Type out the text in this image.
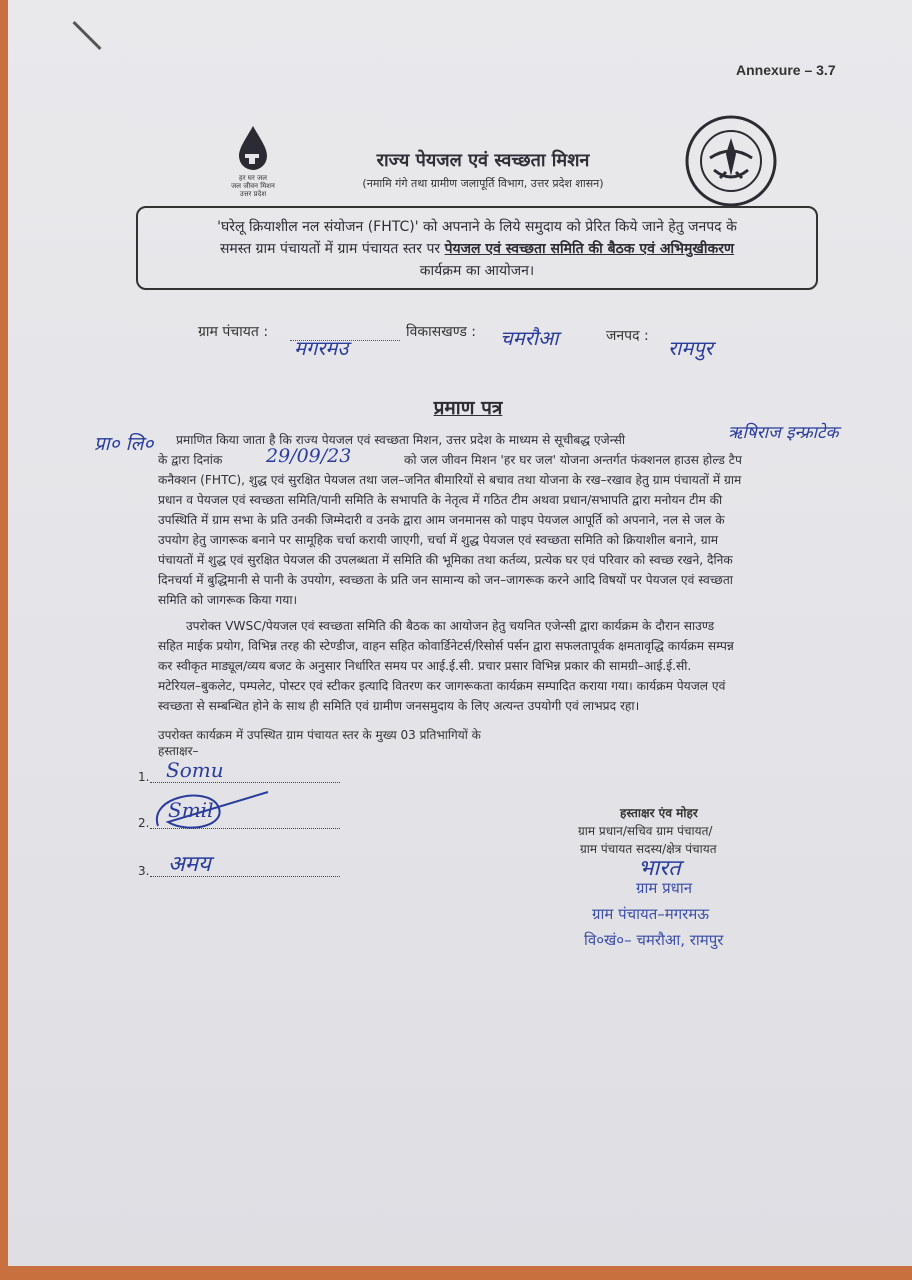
Annexure – 3.7
हर घर जल
जल जीवन मिशन
उत्तर प्रदेश
राज्य पेयजल एवं स्वच्छता मिशन
(नमामि गंगे तथा ग्रामीण जलापूर्ति विभाग, उत्तर प्रदेश शासन)
'घरेलू क्रियाशील नल संयोजन (FHTC)' को अपनाने के लिये समुदाय को प्रेरित किये जाने हेतु जनपद के
समस्त ग्राम पंचायतों में ग्राम पंचायत स्तर पर पेयजल एवं स्वच्छता समिति की बैठक एवं अभिमुखीकरण
कार्यक्रम का आयोजन।
ग्राम पंचायत :
मगरमउ
विकासखण्ड : चमरौआ	जनपद : रामपुर
प्रमाण पत्र
प्रा० लि०	ऋषिराज इन्फ्राटेक
प्रमाणित किया जाता है कि राज्य पेयजल एवं स्वच्छता मिशन, उत्तर प्रदेश के माध्यम से सूचीबद्ध एजेन्सी
के द्वारा दिनांक	29/09/23	को जल जीवन मिशन 'हर घर जल' योजना अन्तर्गत फंक्शनल हाउस होल्ड टैप
कनैक्शन (FHTC), शुद्ध एवं सुरक्षित पेयजल तथा जल–जनित बीमारियों से बचाव तथा योजना के रख–रखाव हेतु ग्राम पंचायतों में ग्राम
प्रधान व पेयजल एवं स्वच्छता समिति/पानी समिति के सभापति के नेतृत्व में गठित टीम अथवा प्रधान/सभापति द्वारा मनोयन टीम की
उपस्थिति में ग्राम सभा के प्रति उनकी जिम्मेदारी व उनके द्वारा आम जनमानस को पाइप पेयजल आपूर्ति को अपनाने, नल से जल के
उपयोग हेतु जागरूक बनाने पर सामूहिक चर्चा करायी जाएगी, चर्चा में शुद्ध पेयजल एवं स्वच्छता समिति को क्रियाशील बनाने, ग्राम
पंचायतों में शुद्ध एवं सुरक्षित पेयजल की उपलब्धता में समिति की भूमिका तथा कर्तव्य, प्रत्येक घर एवं परिवार को स्वच्छ रखने, दैनिक
दिनचर्या में बुद्धिमानी से पानी के उपयोग, स्वच्छता के प्रति जन सामान्य को जन–जागरूक करने आदि विषयों पर पेयजल एवं स्वच्छता
समिति को जागरूक किया गया।
उपरोक्त VWSC/पेयजल एवं स्वच्छता समिति की बैठक का आयोजन हेतु चयनित एजेन्सी द्वारा कार्यक्रम के दौरान साउण्ड
सहित माईक प्रयोग, विभिन्न तरह की स्टेण्डीज, वाहन सहित कोवार्डिनेटर्स/रिसोर्स पर्सन द्वारा सफलतापूर्वक क्षमतावृद्धि कार्यक्रम सम्पन्न
कर स्वीकृत माड्यूल/व्यय बजट के अनुसार निर्धारित समय पर आई.ई.सी. प्रचार प्रसार विभिन्न प्रकार की सामग्री–आई.ई.सी.
मटेरियल–बुकलेट, पम्पलेट, पोस्टर एवं स्टीकर इत्यादि वितरण कर जागरूकता कार्यक्रम सम्पादित कराया गया। कार्यक्रम पेयजल एवं
स्वच्छता से सम्बन्धित होने के साथ ही समिति एवं ग्रामीण जनसमुदाय के लिए अत्यन्त उपयोगी एवं लाभप्रद रहा।
उपरोक्त कार्यक्रम में उपस्थित ग्राम पंचायत स्तर के मुख्य 03 प्रतिभागियों के
हस्ताक्षर–
1. Somu
2.
Smil
3. अमय
हस्ताक्षर एंव मोहर
ग्राम प्रधान/सचिव ग्राम पंचायत/
ग्राम पंचायत सदस्य/क्षेत्र पंचायत
भारत
ग्राम प्रधान
ग्राम पंचायत–मगरमऊ
वि०खं०– चमरौआ, रामपुर
